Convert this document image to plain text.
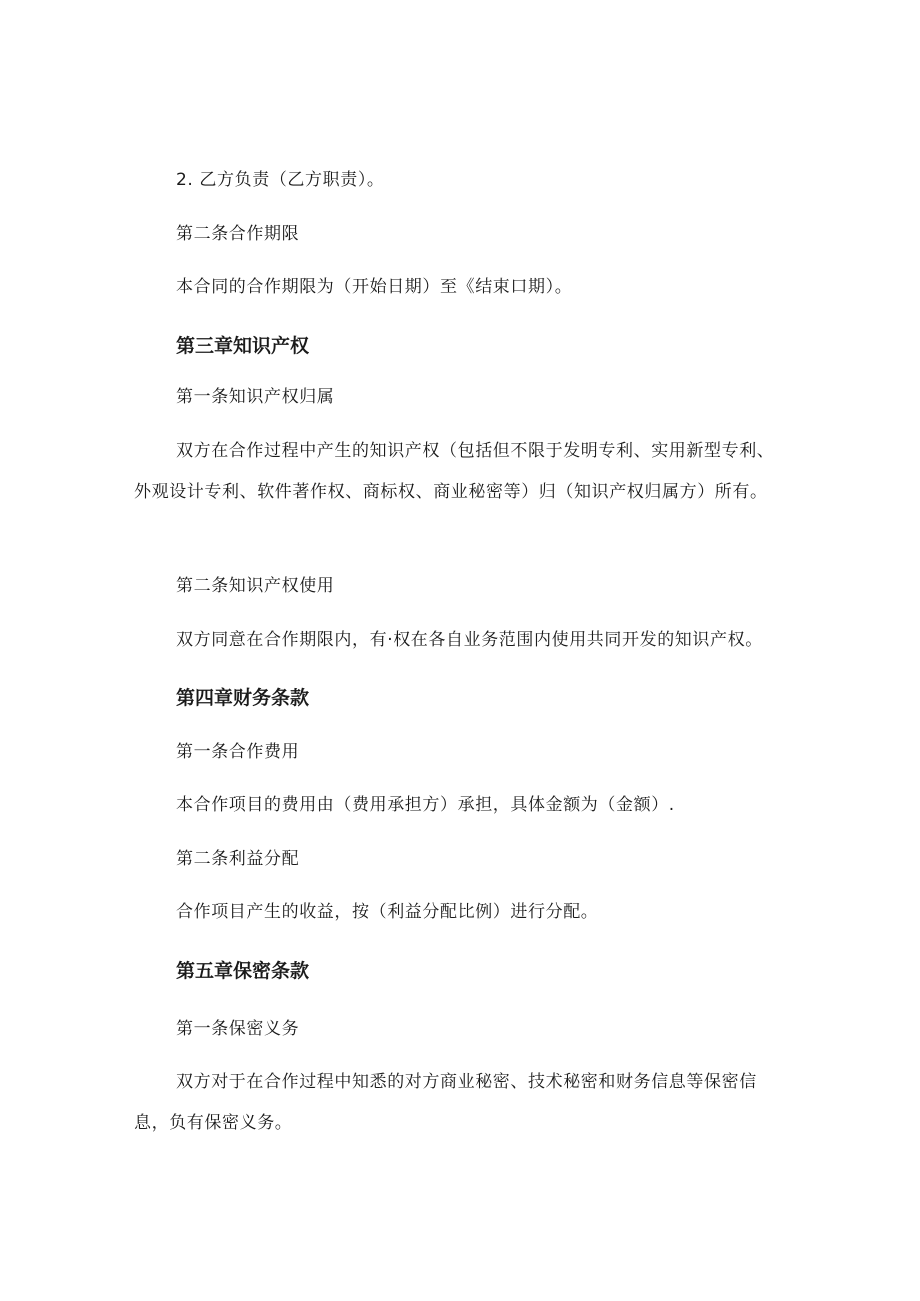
2. 乙方负责（乙方职责）。
第二条合作期限
本合同的合作期限为（开始日期）至《结束口期）。
第三章知识产权
第一条知识产权归属
双方在合作过程中产生的知识产权（包括但不限于发明专利、实用新型专利、外观设计专利、软件著作权、商标权、商业秘密等）归（知识产权归属方）所有。
第二条知识产权使用
双方同意在合作期限内，有·权在各自业务范围内使用共同开发的知识产权。
第四章财务条款
第一条合作费用
本合作项目的费用由（费用承担方）承担，具体金额为（金额）.
第二条利益分配
合作项目产生的收益，按（利益分配比例）进行分配。
第五章保密条款
第一条保密义务
双方对于在合作过程中知悉的对方商业秘密、技术秘密和财务信息等保密信息，负有保密义务。
